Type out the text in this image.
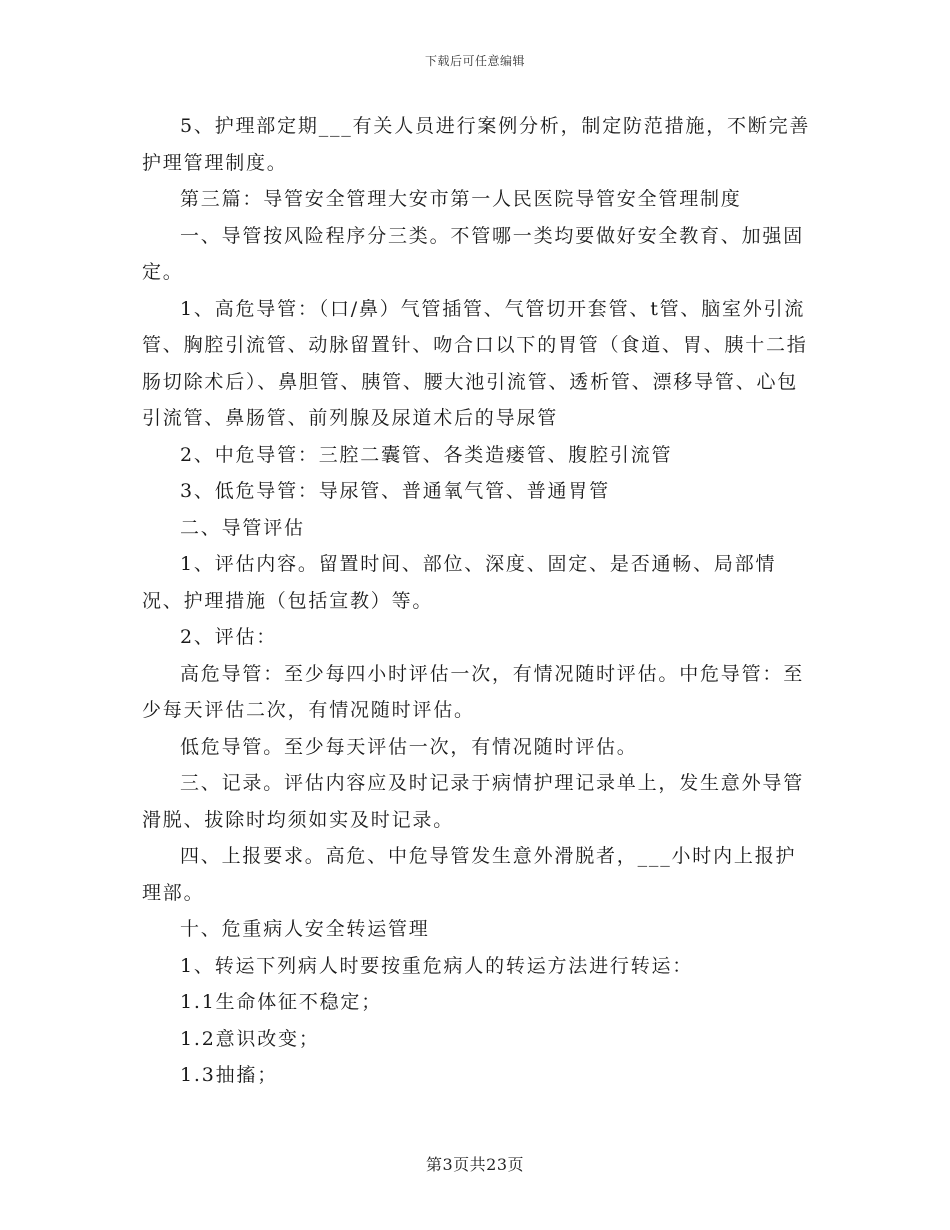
下载后可任意编辑

5、护理部定期___有关人员进行案例分析，制定防范措施，不断完善护理管理制度。

第三篇：导管安全管理大安市第一人民医院导管安全管理制度

一、导管按风险程序分三类。不管哪一类均要做好安全教育、加强固定。

1、高危导管：（口/鼻）气管插管、气管切开套管、t管、脑室外引流管、胸腔引流管、动脉留置针、吻合口以下的胃管（食道、胃、胰十二指肠切除术后）、鼻胆管、胰管、腰大池引流管、透析管、漂移导管、心包引流管、鼻肠管、前列腺及尿道术后的导尿管

2、中危导管：三腔二囊管、各类造瘘管、腹腔引流管

3、低危导管：导尿管、普通氧气管、普通胃管

二、导管评估

1、评估内容。留置时间、部位、深度、固定、是否通畅、局部情况、护理措施（包括宣教）等。

2、评估：

高危导管：至少每四小时评估一次，有情况随时评估。中危导管：至少每天评估二次，有情况随时评估。

低危导管。至少每天评估一次，有情况随时评估。

三、记录。评估内容应及时记录于病情护理记录单上，发生意外导管滑脱、拔除时均须如实及时记录。

四、上报要求。高危、中危导管发生意外滑脱者，___小时内上报护理部。

十、危重病人安全转运管理

1、转运下列病人时要按重危病人的转运方法进行转运：

1.1生命体征不稳定；

1.2意识改变；

1.3抽搐；

第3页共23页
